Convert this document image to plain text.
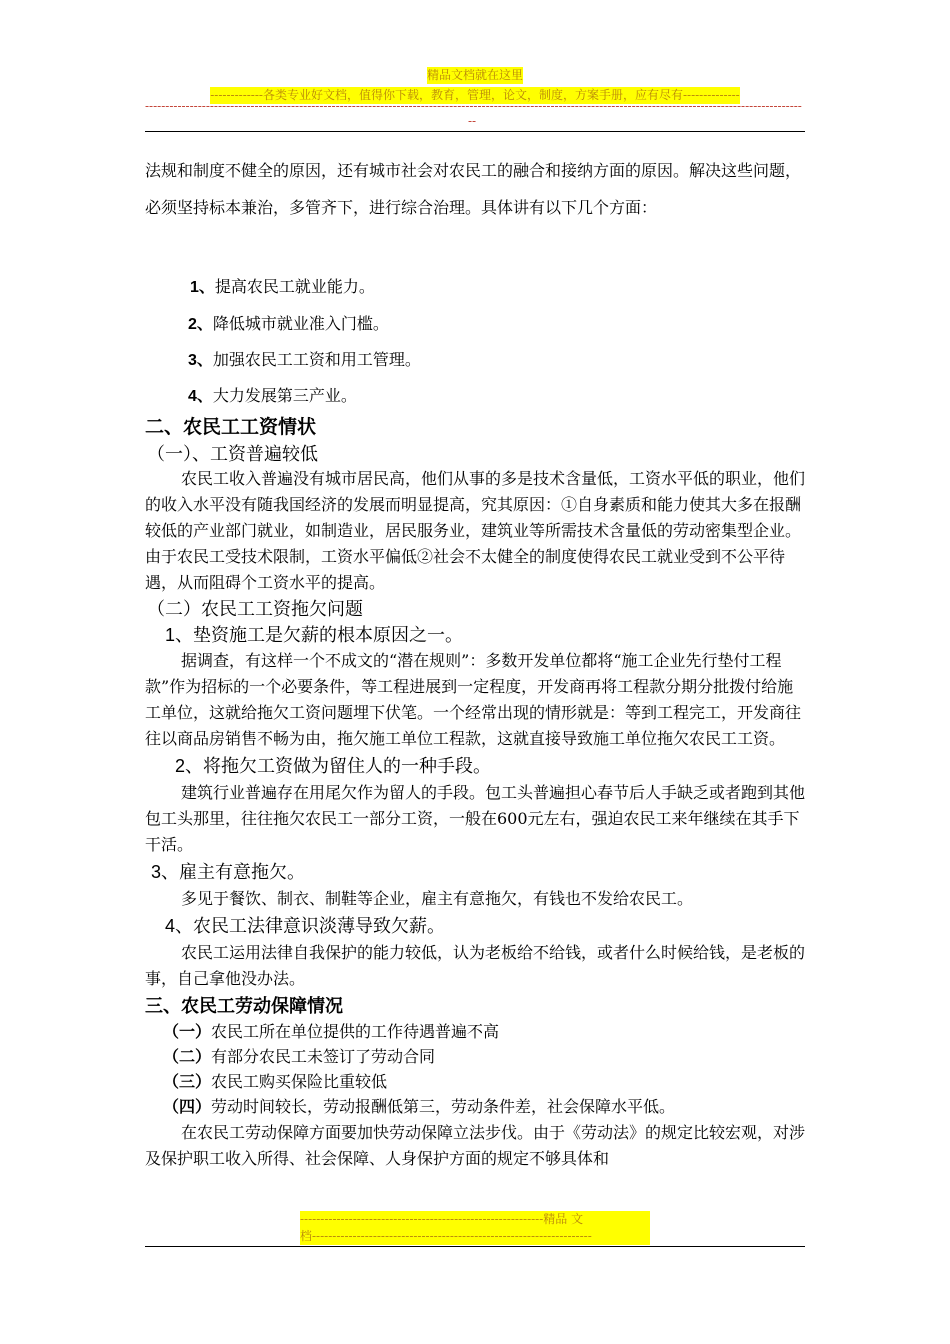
精品文档就在这里
-------------各类专业好文档，值得你下载，教育，管理，论文，制度，方案手册，应有尽有--------------
------------------------------------------------------------------------------------------------------------------------------------------------------------------
--

法规和制度不健全的原因，还有城市社会对农民工的融合和接纳方面的原因。解决这些问题，必须坚持标本兼治，多管齐下，进行综合治理。具体讲有以下几个方面：

1、提高农民工就业能力。
2、降低城市就业准入门槛。
3、加强农民工工资和用工管理。
4、大力发展第三产业。
二、农民工工资情状
（一）、工资普遍较低

农民工收入普遍没有城市居民高，他们从事的多是技术含量低，工资水平低的职业，他们的收入水平没有随我国经济的发展而明显提高，究其原因：①自身素质和能力使其大多在报酬较低的产业部门就业，如制造业，居民服务业，建筑业等所需技术含量低的劳动密集型企业。由于农民工受技术限制，工资水平偏低②社会不太健全的制度使得农民工就业受到不公平待遇，从而阻碍个工资水平的提高。

（二）农民工工资拖欠问题
1、垫资施工是欠薪的根本原因之一。

据调查，有这样一个不成文的“潜在规则”：多数开发单位都将“施工企业先行垫付工程款”作为招标的一个必要条件，等工程进展到一定程度，开发商再将工程款分期分批拨付给施工单位，这就给拖欠工资问题埋下伏笔。一个经常出现的情形就是：等到工程完工，开发商往往以商品房销售不畅为由，拖欠施工单位工程款，这就直接导致施工单位拖欠农民工工资。

2、将拖欠工资做为留住人的一种手段。

建筑行业普遍存在用尾欠作为留人的手段。包工头普遍担心春节后人手缺乏或者跑到其他包工头那里，往往拖欠农民工一部分工资，一般在600元左右，强迫农民工来年继续在其手下干活。

3、雇主有意拖欠。

多见于餐饮、制衣、制鞋等企业，雇主有意拖欠，有钱也不发给农民工。

4、农民工法律意识淡薄导致欠薪。

农民工运用法律自我保护的能力较低，认为老板给不给钱，或者什么时候给钱，是老板的事，自己拿他没办法。

三、农民工劳动保障情况
（一）农民工所在单位提供的工作待遇普遍不高
（二）有部分农民工未签订了劳动合同
（三）农民工购买保险比重较低
（四）劳动时间较长，劳动报酬低第三，劳动条件差，社会保障水平低。

在农民工劳动保障方面要加快劳动保障立法步伐。由于《劳动法》的规定比较宏观，对涉及保护职工收入所得、社会保障、人身保护方面的规定不够具体和

------------------------------------------------------------精品 文
档---------------------------------------------------------------------
